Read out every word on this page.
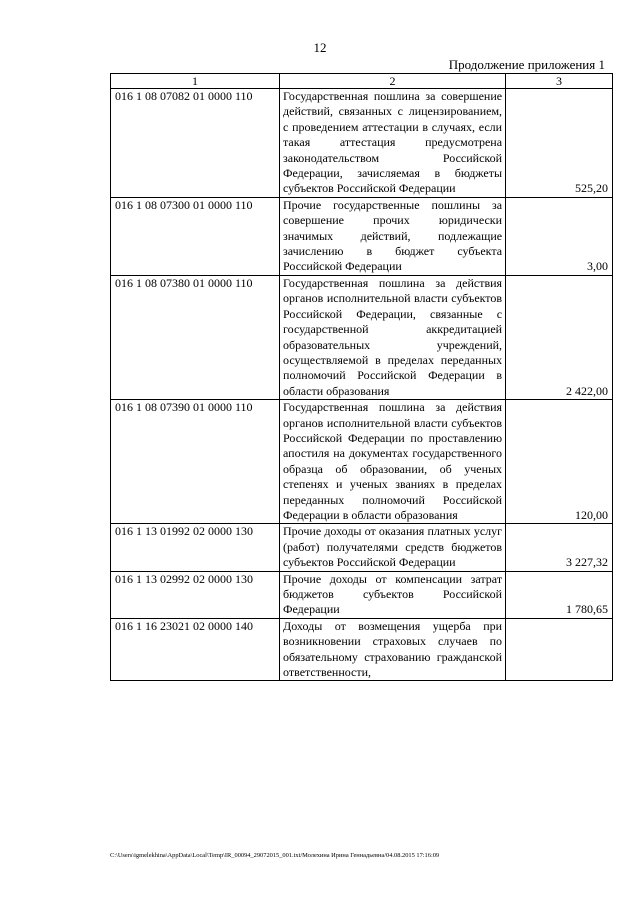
12
Продолжение приложения 1
1	2	3
016 1 08 07082 01 0000 110	Государственная пошлина за совершение действий, связанных с лицензированием, с проведением аттестации в случаях, если такая аттестация предусмотрена законодательством Российской Федерации, зачисляемая в бюджеты субъектов Российской Федерации	525,20
016 1 08 07300 01 0000 110	Прочие государственные пошлины за совершение прочих юридически значимых действий, подлежащие зачислению в бюджет субъекта Российской Федерации	3,00
016 1 08 07380 01 0000 110	Государственная пошлина за действия органов исполнительной власти субъектов Российской Федерации, связанные с государственной аккредитацией образовательных учреждений, осуществляемой в пределах переданных полномочий Российской Федерации в области образования	2 422,00
016 1 08 07390 01 0000 110	Государственная пошлина за действия органов исполнительной власти субъектов Российской Федерации по проставлению апостиля на документах государственного образца об образовании, об ученых степенях и ученых званиях в пределах переданных полномочий Российской Федерации в области образования	120,00
016 1 13 01992 02 0000 130	Прочие доходы от оказания платных услуг (работ) получателями средств бюджетов субъектов Российской Федерации	3 227,32
016 1 13 02992 02 0000 130	Прочие доходы от компенсации затрат бюджетов субъектов Российской Федерации	1 780,65
016 1 16 23021 02 0000 140	Доходы от возмещения ущерба при возникновении страховых случаев по обязательному страхованию гражданской ответственности,	
C:\Users\igmelekhina\AppData\Local\Temp\IR_00094_29072015_001.txt/Молехина Ирина Геннадьевна/04.08.2015 17:16:09
